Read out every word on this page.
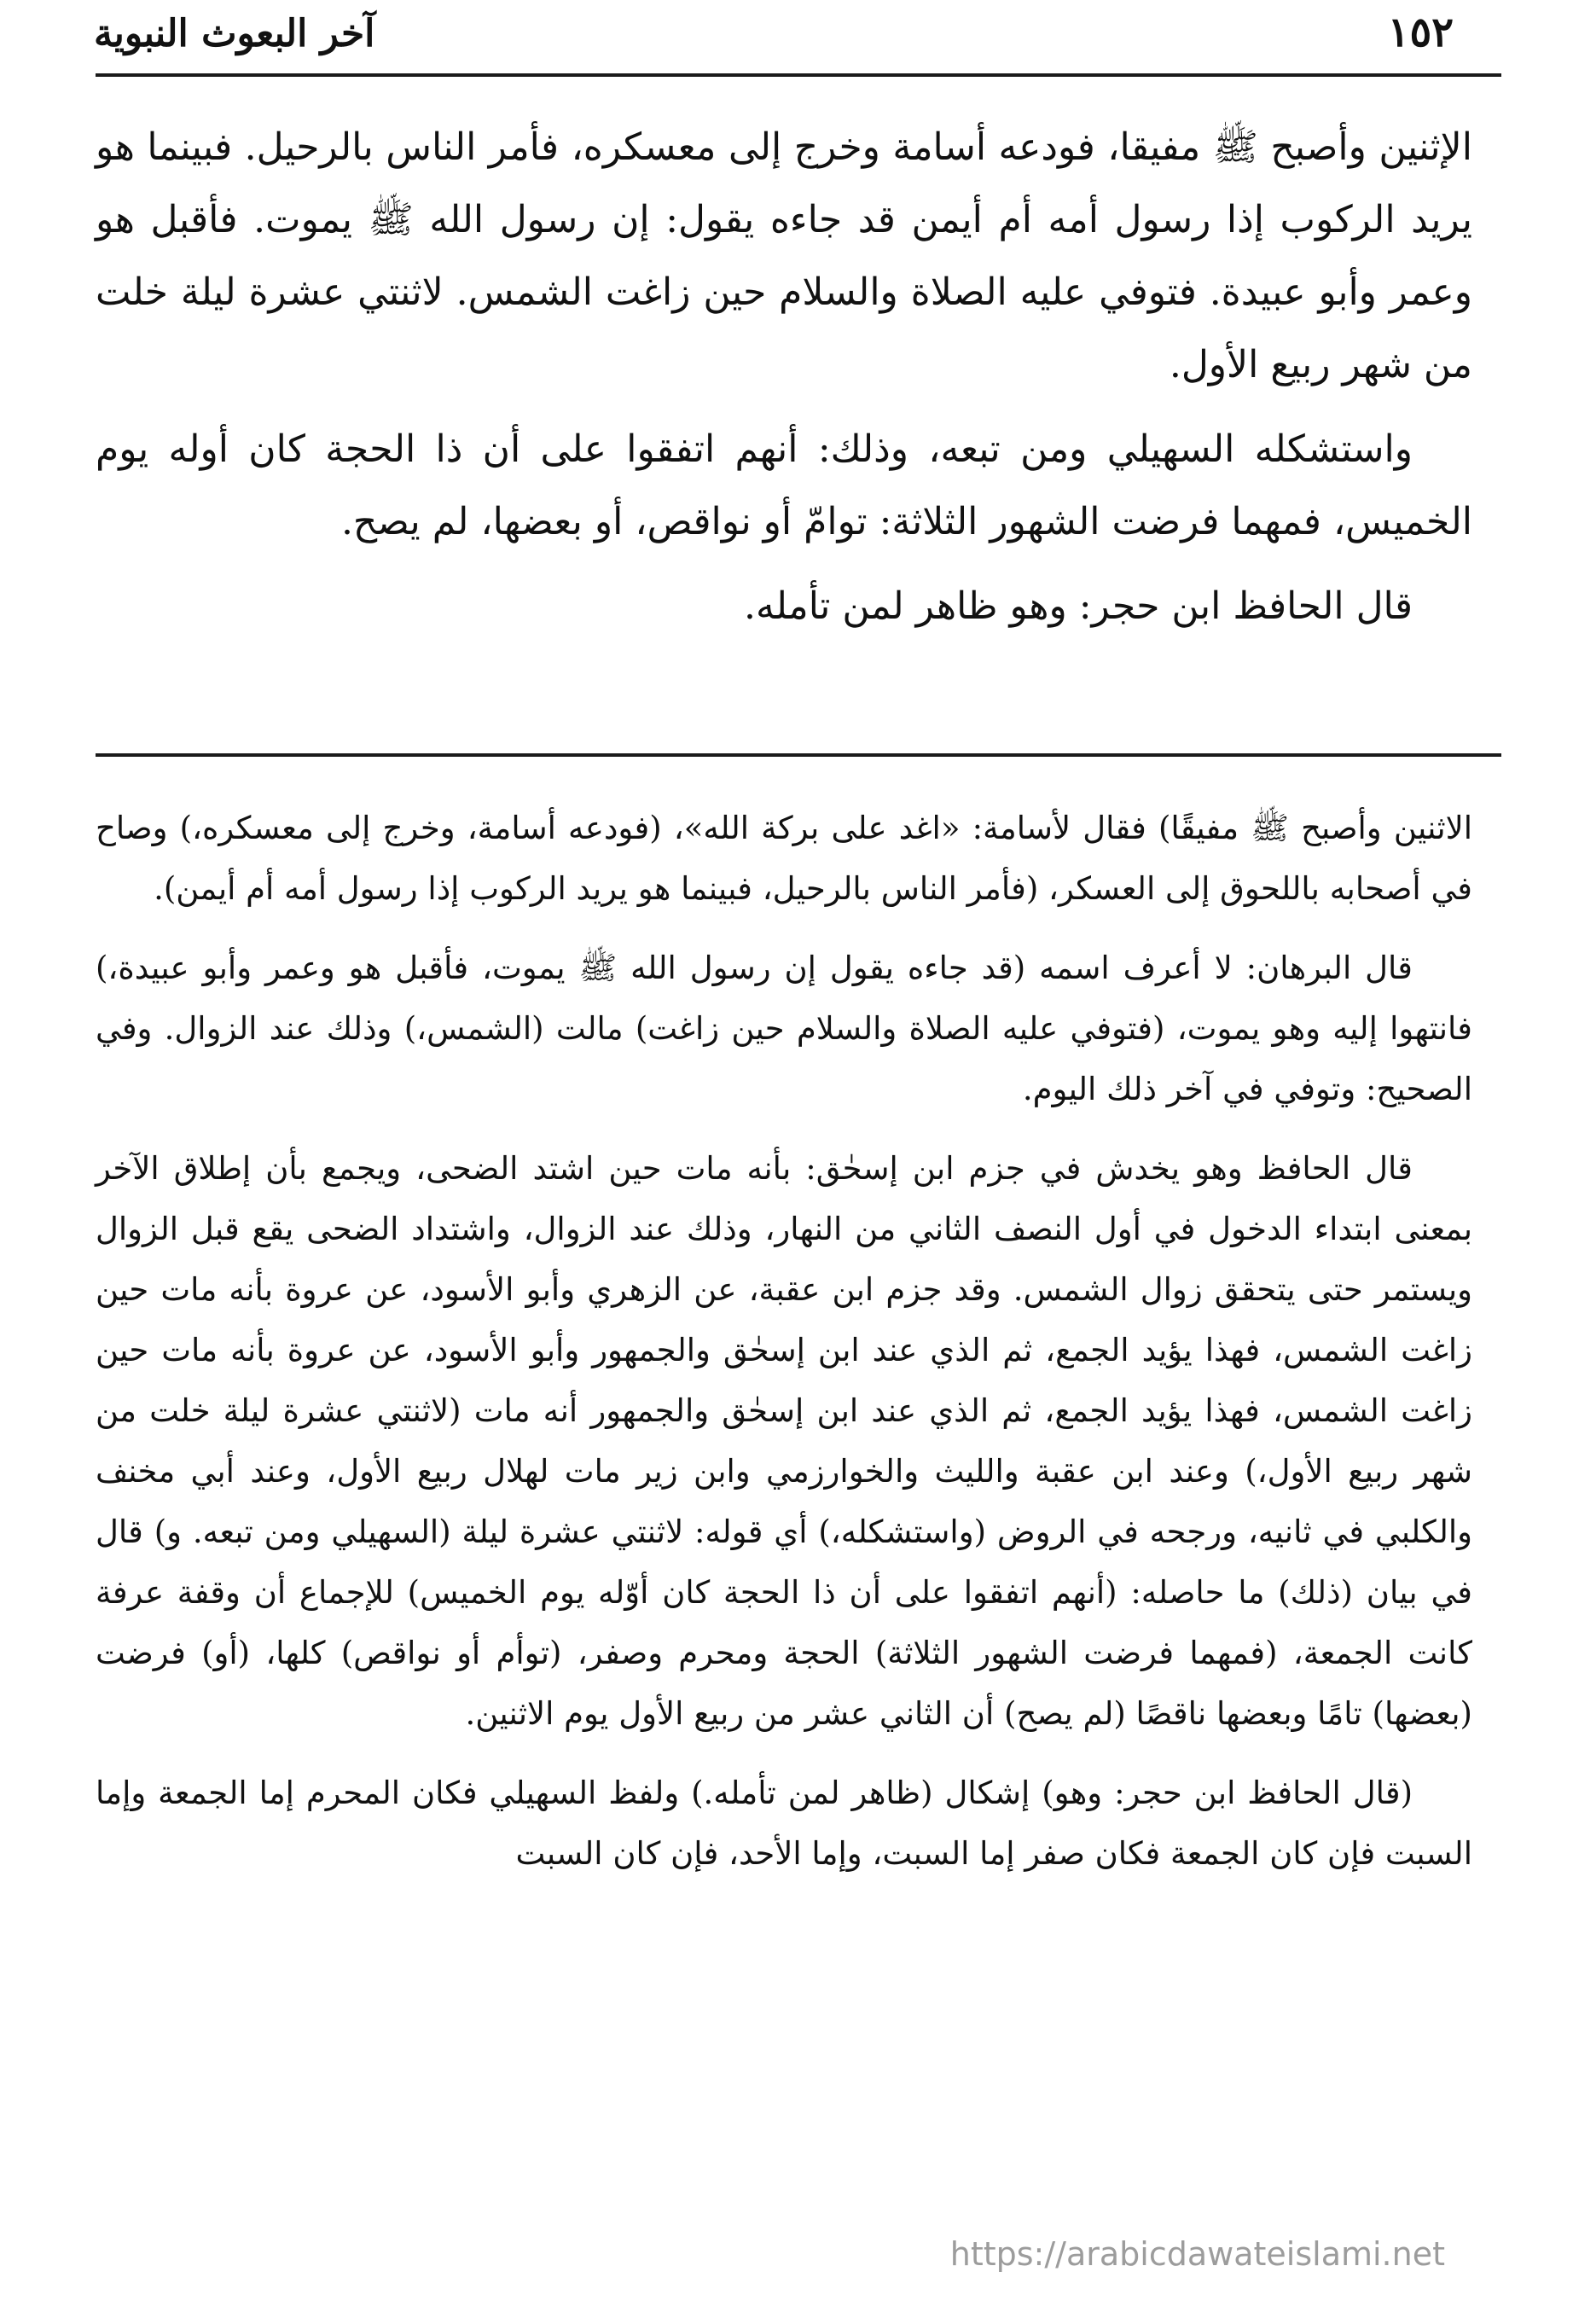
١٥٢
آخر البعوث النبوية

الإثنين وأصبح ﷺ مفيقا، فودعه أسامة وخرج إلى معسكره، فأمر الناس بالرحيل. فبينما هو يريد الركوب إذا رسول أمه أم أيمن قد جاءه يقول: إن رسول الله ﷺ يموت. فأقبل هو وعمر وأبو عبيدة. فتوفي عليه الصلاة والسلام حين زاغت الشمس. لاثنتي عشرة ليلة خلت من شهر ربيع الأول.

واستشكله السهيلي ومن تبعه، وذلك: أنهم اتفقوا على أن ذا الحجة كان أوله يوم الخميس، فمهما فرضت الشهور الثلاثة: توامّ أو نواقص، أو بعضها، لم يصح.

قال الحافظ ابن حجر: وهو ظاهر لمن تأمله.

الاثنين وأصبح ﷺ مفيقًا) فقال لأسامة: «اغد على بركة الله»، (فودعه أسامة، وخرج إلى معسكره،) وصاح في أصحابه باللحوق إلى العسكر، (فأمر الناس بالرحيل، فبينما هو يريد الركوب إذا رسول أمه أم أيمن).

قال البرهان: لا أعرف اسمه (قد جاءه يقول إن رسول الله ﷺ يموت، فأقبل هو وعمر وأبو عبيدة،) فانتهوا إليه وهو يموت، (فتوفي عليه الصلاة والسلام حين زاغت) مالت (الشمس،) وذلك عند الزوال. وفي الصحيح: وتوفي في آخر ذلك اليوم.

قال الحافظ وهو يخدش في جزم ابن إسحٰق: بأنه مات حين اشتد الضحى، ويجمع بأن إطلاق الآخر بمعنى ابتداء الدخول في أول النصف الثاني من النهار، وذلك عند الزوال، واشتداد الضحى يقع قبل الزوال ويستمر حتى يتحقق زوال الشمس. وقد جزم ابن عقبة، عن الزهري وأبو الأسود، عن عروة بأنه مات حين زاغت الشمس، فهذا يؤيد الجمع، ثم الذي عند ابن إسحٰق والجمهور وأبو الأسود، عن عروة بأنه مات حين زاغت الشمس، فهذا يؤيد الجمع، ثم الذي عند ابن إسحٰق والجمهور أنه مات (لاثنتي عشرة ليلة خلت من شهر ربيع الأول،) وعند ابن عقبة والليث والخوارزمي وابن زير مات لهلال ربيع الأول، وعند أبي مخنف والكلبي في ثانيه، ورجحه في الروض (واستشكله،) أي قوله: لاثنتي عشرة ليلة (السهيلي ومن تبعه. و) قال في بيان (ذلك) ما حاصله: (أنهم اتفقوا على أن ذا الحجة كان أوّله يوم الخميس) للإجماع أن وقفة عرفة كانت الجمعة، (فمهما فرضت الشهور الثلاثة) الحجة ومحرم وصفر، (توأم أو نواقص) كلها، (أو) فرضت (بعضها) تامًا وبعضها ناقصًا (لم يصح) أن الثاني عشر من ربيع الأول يوم الاثنين.

(قال الحافظ ابن حجر: وهو) إشكال (ظاهر لمن تأمله.) ولفظ السهيلي فكان المحرم إما الجمعة وإما السبت فإن كان الجمعة فكان صفر إما السبت، وإما الأحد، فإن كان السبت

https://arabicdawateislami.net
